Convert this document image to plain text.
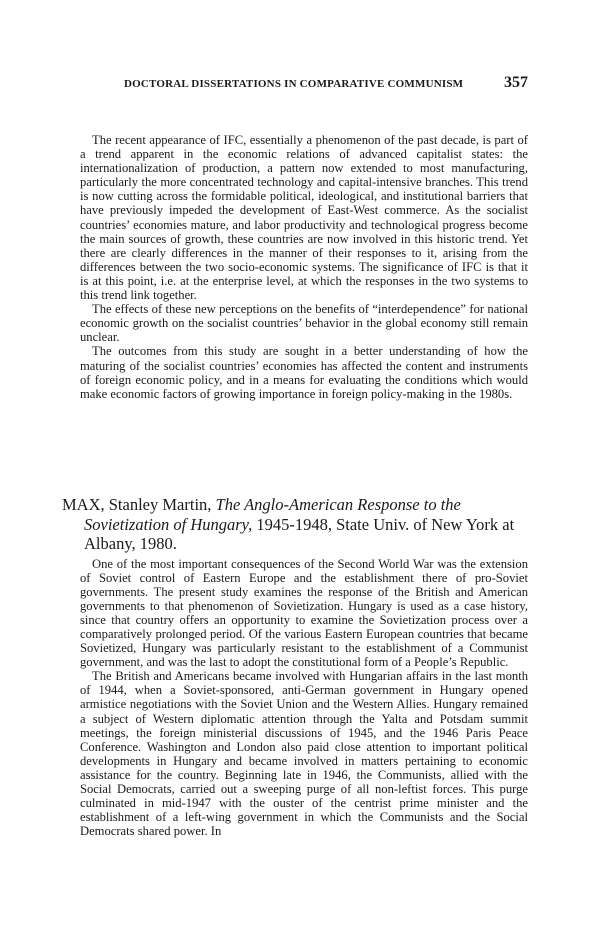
DOCTORAL DISSERTATIONS IN COMPARATIVE COMMUNISM	357

The recent appearance of IFC, essentially a phenomenon of the past decade, is part of a trend apparent in the economic relations of advanced capitalist states: the internationalization of production, a pattern now extended to most manufacturing, particularly the more concentrated technology and capital-intensive branches. This trend is now cutting across the formidable political, ideological, and institutional barriers that have previously impeded the development of East-West commerce. As the socialist countries’ economies mature, and labor productivity and technological progress become the main sources of growth, these countries are now involved in this historic trend. Yet there are clearly differences in the manner of their responses to it, arising from the differences between the two socio-economic systems. The significance of IFC is that it is at this point, i.e. at the enterprise level, at which the responses in the two systems to this trend link together.

The effects of these new perceptions on the benefits of “interdependence” for national economic growth on the socialist countries’ behavior in the global economy still remain unclear.

The outcomes from this study are sought in a better understanding of how the maturing of the socialist countries’ economies has affected the content and instruments of foreign economic policy, and in a means for evaluating the conditions which would make economic factors of growing importance in foreign policy-making in the 1980s.

MAX, Stanley Martin, The Anglo-American Response to the Sovietization of Hungary, 1945-1948, State Univ. of New York at Albany, 1980.

One of the most important consequences of the Second World War was the extension of Soviet control of Eastern Europe and the establishment there of pro-Soviet governments. The present study examines the response of the British and American governments to that phenomenon of Sovietization. Hungary is used as a case history, since that country offers an opportunity to examine the Sovietization process over a comparatively prolonged period. Of the various Eastern European countries that became Sovietized, Hungary was particularly resistant to the establishment of a Communist government, and was the last to adopt the constitutional form of a People’s Republic.

The British and Americans became involved with Hungarian affairs in the last month of 1944, when a Soviet-sponsored, anti-German government in Hungary opened armistice negotiations with the Soviet Union and the Western Allies. Hungary remained a subject of Western diplomatic attention through the Yalta and Potsdam summit meetings, the foreign ministerial discussions of 1945, and the 1946 Paris Peace Conference. Washington and London also paid close attention to important political developments in Hungary and became involved in matters pertaining to economic assistance for the country. Beginning late in 1946, the Communists, allied with the Social Democrats, carried out a sweeping purge of all non-leftist forces. This purge culminated in mid-1947 with the ouster of the centrist prime minister and the establishment of a left-wing government in which the Communists and the Social Democrats shared power. In
